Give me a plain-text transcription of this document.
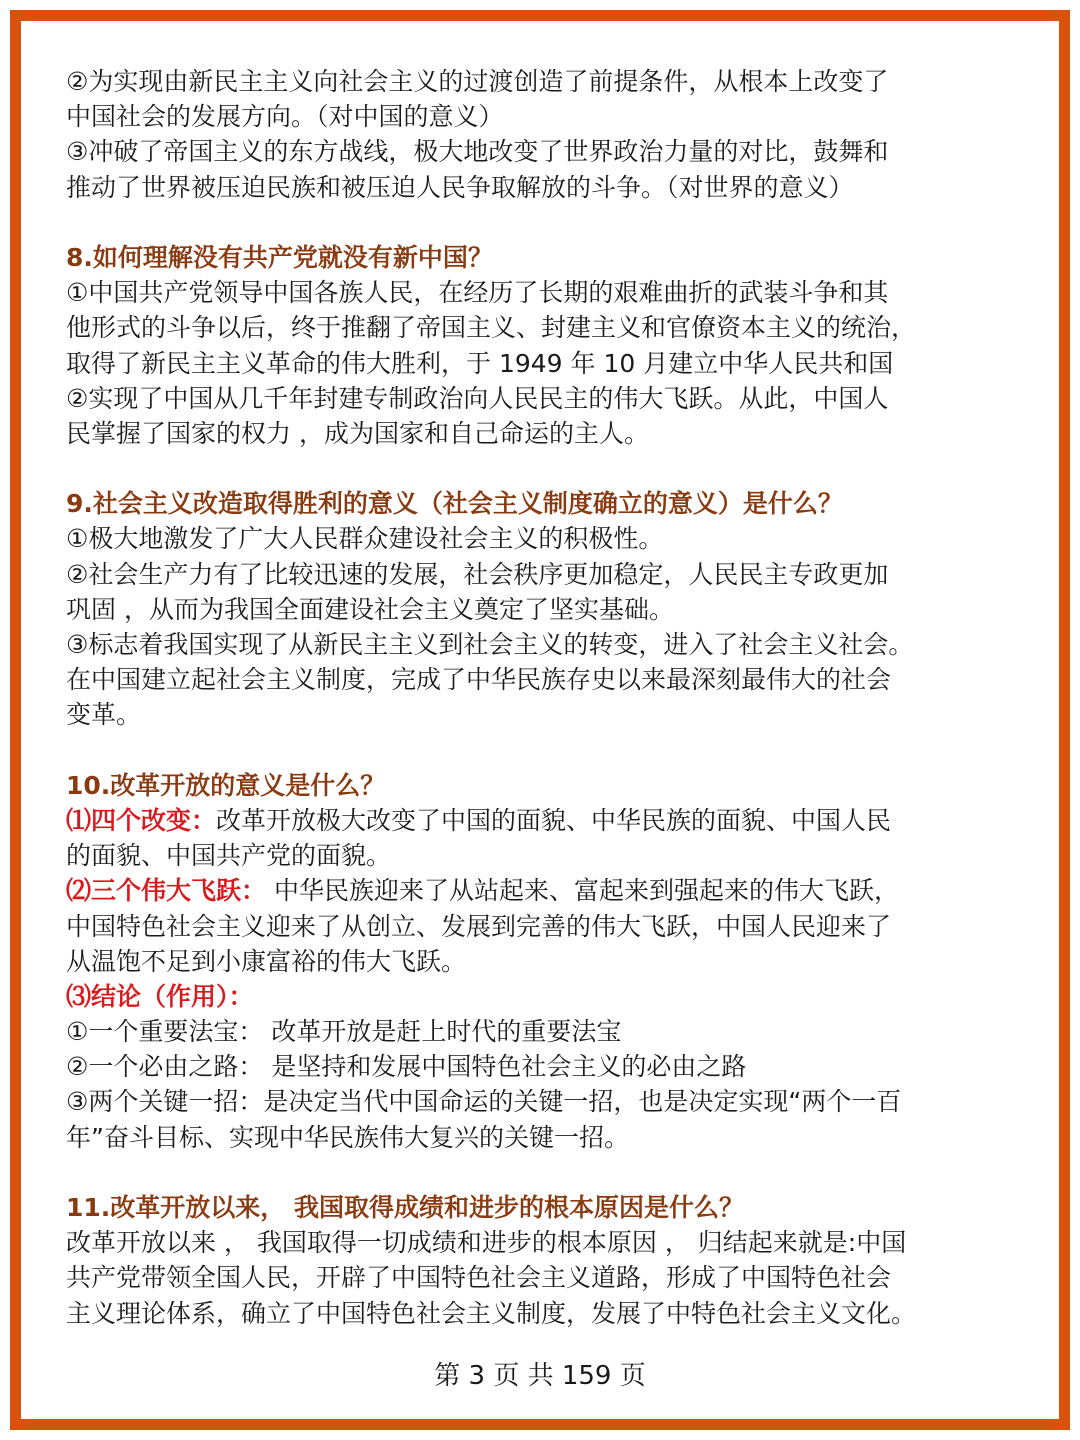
②为实现由新民主主义向社会主义的过渡创造了前提条件，从根本上改变了
中国社会的发展方向。（对中国的意义）
③冲破了帝国主义的东方战线，极大地改变了世界政治力量的对比，鼓舞和
推动了世界被压迫民族和被压迫人民争取解放的斗争。（对世界的意义）
8.如何理解没有共产党就没有新中国？
①中国共产党领导中国各族人民，在经历了长期的艰难曲折的武装斗争和其
他形式的斗争以后，终于推翻了帝国主义、封建主义和官僚资本主义的统治，
取得了新民主主义革命的伟大胜利，于 1949 年 10 月建立中华人民共和国
②实现了中国从几千年封建专制政治向人民民主的伟大飞跃。从此，中国人
民掌握了国家的权力 ，成为国家和自己命运的主人。
9.社会主义改造取得胜利的意义（社会主义制度确立的意义）是什么？
①极大地激发了广大人民群众建设社会主义的积极性。
②社会生产力有了比较迅速的发展，社会秩序更加稳定，人民民主专政更加
巩固 ，从而为我国全面建设社会主义奠定了坚实基础。
③标志着我国实现了从新民主主义到社会主义的转变，进入了社会主义社会。
在中国建立起社会主义制度，完成了中华民族存史以来最深刻最伟大的社会
变革。
10.改革开放的意义是什么？
⑴四个改变：改革开放极大改变了中国的面貌、中华民族的面貌、中国人民
的面貌、中国共产党的面貌。
⑵三个伟大飞跃： 中华民族迎来了从站起来、富起来到强起来的伟大飞跃，
中国特色社会主义迎来了从创立、发展到完善的伟大飞跃，中国人民迎来了
从温饱不足到小康富裕的伟大飞跃。
⑶结论（作用）：
①一个重要法宝： 改革开放是赶上时代的重要法宝
②一个必由之路： 是坚持和发展中国特色社会主义的必由之路
③两个关键一招：是决定当代中国命运的关键一招，也是决定实现“两个一百
年”奋斗目标、实现中华民族伟大复兴的关键一招。
11.改革开放以来， 我国取得成绩和进步的根本原因是什么？
改革开放以来 ， 我国取得一切成绩和进步的根本原因 ， 归结起来就是:中国
共产党带领全国人民，开辟了中国特色社会主义道路，形成了中国特色社会
主义理论体系，确立了中国特色社会主义制度，发展了中特色社会主义文化。
第 3 页 共 159 页
